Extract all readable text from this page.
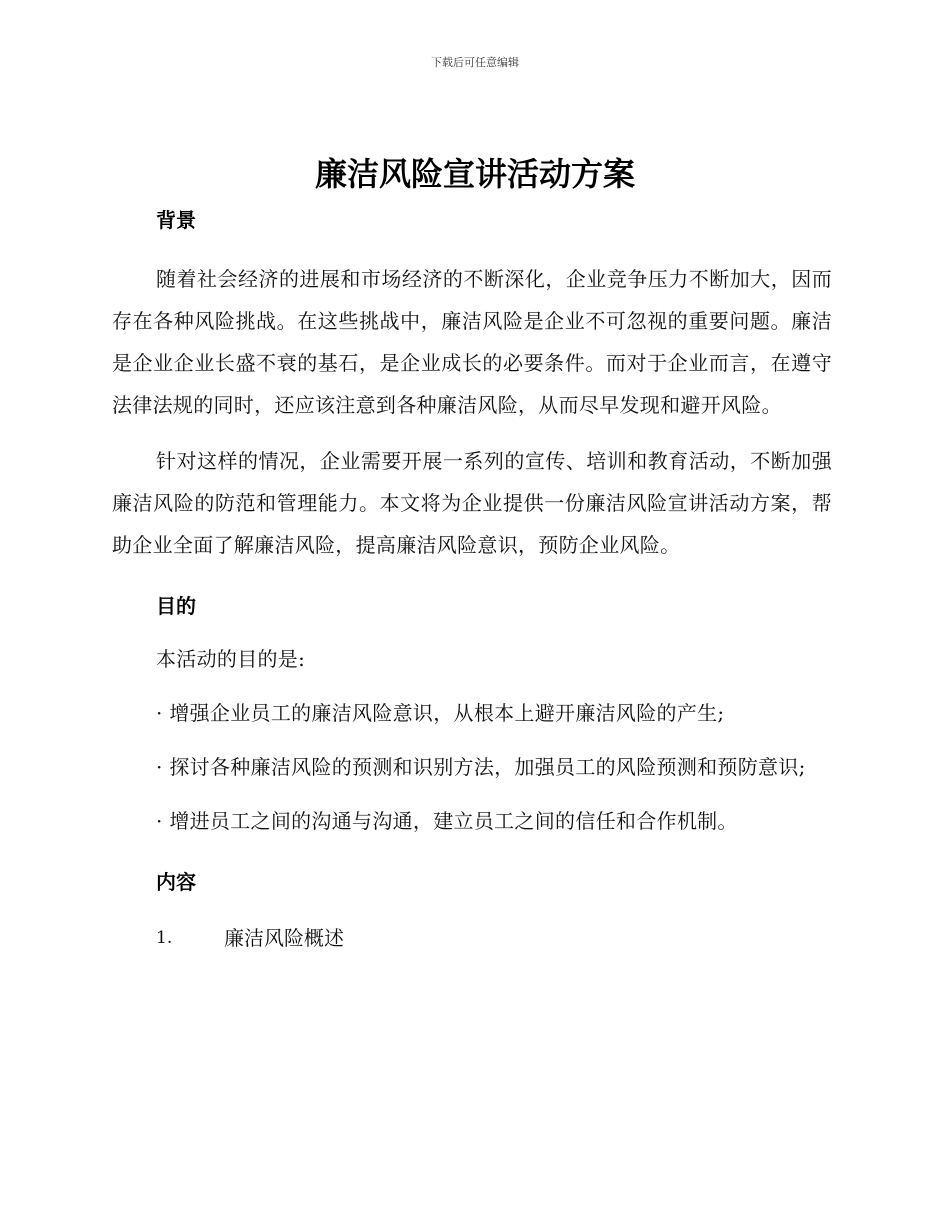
下载后可任意编辑
廉洁风险宣讲活动方案
背景

随着社会经济的进展和市场经济的不断深化，企业竞争压力不断加大，因而存在各种风险挑战。在这些挑战中，廉洁风险是企业不可忽视的重要问题。廉洁是企业企业长盛不衰的基石，是企业成长的必要条件。而对于企业而言，在遵守法律法规的同时，还应该注意到各种廉洁风险，从而尽早发现和避开风险。

针对这样的情况，企业需要开展一系列的宣传、培训和教育活动，不断加强廉洁风险的防范和管理能力。本文将为企业提供一份廉洁风险宣讲活动方案，帮助企业全面了解廉洁风险，提高廉洁风险意识，预防企业风险。

目的

本活动的目的是:

· 增强企业员工的廉洁风险意识，从根本上避开廉洁风险的产生;

· 探讨各种廉洁风险的预测和识别方法，加强员工的风险预测和预防意识;

· 增进员工之间的沟通与沟通，建立员工之间的信任和合作机制。

内容
1.	廉洁风险概述
